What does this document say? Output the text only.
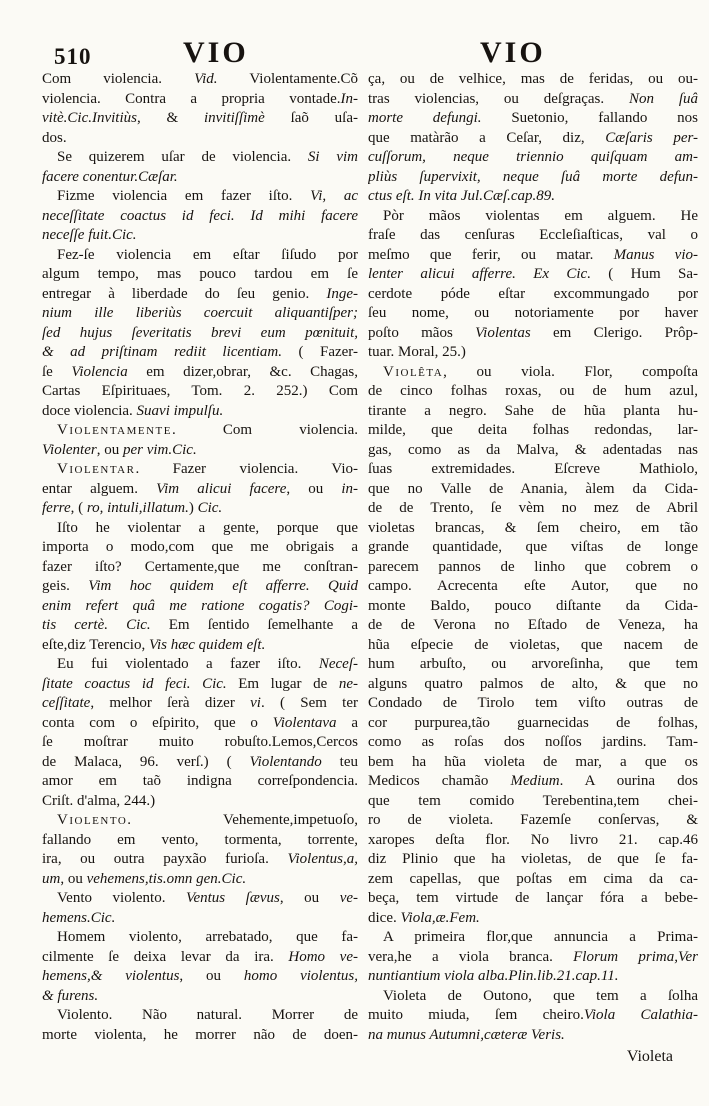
510	VIO	VIO
Com violencia. Vid. Violentamente.Cõ
violencia. Contra a propria vontade.In-
vitè.Cic.Invitiùs, & invitiſſimè ſaõ uſa-
dos.
Se quizerem uſar de violencia. Si vim
facere conentur.Cæſar.
Fizme violencia em fazer iſto. Vi, ac
neceſſitate coactus id feci. Id mihi facere
neceſſe fuit.Cic.
Fez-ſe violencia em eſtar ſiſudo por
algum tempo, mas pouco tardou em ſe
entregar à liberdade do ſeu genio. Inge-
nium ille liberiùs coercuit aliquantiſper;
ſed hujus ſeveritatis brevi eum pœnituit,
& ad priſtinam rediit licentiam. ( Fazer-
ſe Violencia em dizer,obrar, &c. Chagas,
Cartas Eſpirituaes, Tom. 2. 252.) Com
doce violencia. Suavi impulſu.
Violentamente. Com violencia.
Violenter, ou per vim.Cic.
Violentar. Fazer violencia. Vio-
entar alguem. Vim alicui facere, ou in-
ferre, ( ro, intuli,illatum.) Cic.
Iſto he violentar a gente, porque que
importa o modo,com que me obrigais a
fazer iſto? Certamente,que me conſtran-
geis. Vim hoc quidem eſt afferre. Quid
enim refert quâ me ratione cogatis? Cogi-
tis certè. Cic. Em ſentido ſemelhante a
eſte,diz Terencio, Vis hæc quidem eſt.
Eu fui violentado a fazer iſto. Neceſ-
ſitate coactus id feci. Cic. Em lugar de ne-
ceſſitate, melhor ſerà dizer vi. ( Sem ter
conta com o eſpirito, que o Violentava a
ſe moſtrar muito robuſto.Lemos,Cercos
de Malaca, 96. verſ.) ( Violentando teu
amor em taõ indigna correſpondencia.
Criſt. d'alma, 244.)
Violento. Vehemente,impetuoſo,
fallando em vento, tormenta, torrente,
ira, ou outra payxão furioſa. Violentus,a,
um, ou vehemens,tis.omn gen.Cic.
Vento violento. Ventus ſævus, ou ve-
hemens.Cic.
Homem violento, arrebatado, que fa-
cilmente ſe deixa levar da ira. Homo ve-
hemens,& violentus, ou homo violentus,
& furens.
Violento. Não natural. Morrer de
morte violenta, he morrer não de doen-
ça, ou de velhice, mas de feridas, ou ou-
tras violencias, ou deſgraças. Non ſuâ
morte defungi. Suetonio, fallando nos
que matàrão a Ceſar, diz, Cæſaris per-
cuſſorum, neque triennio quiſquam am-
pliùs ſupervixit, neque ſuâ morte defun-
ctus eſt. In vita Jul.Cæſ.cap.89.
Pòr mãos violentas em alguem. He
fraſe das cenſuras Eccleſiaſticas, val o
meſmo que ferir, ou matar. Manus vio-
lenter alicui afferre. Ex Cic. ( Hum Sa-
cerdote póde eſtar excommungado por
ſeu nome, ou notoriamente por haver
poſto mãos Violentas em Clerigo. Prôp-
tuar. Moral, 25.)
Violêta, ou viola. Flor, compoſta
de cinco folhas roxas, ou de hum azul,
tirante a negro. Sahe de hũa planta hu-
milde, que deita folhas redondas, lar-
gas, como as da Malva, & adentadas nas
ſuas extremidades. Eſcreve Mathiolo,
que no Valle de Anania, àlem da Cida-
de de Trento, ſe vèm no mez de Abril
violetas brancas, & ſem cheiro, em tão
grande quantidade, que viſtas de longe
parecem pannos de linho que cobrem o
campo. Acrecenta eſte Autor, que no
monte Baldo, pouco diſtante da Cida-
de de Verona no Eſtado de Veneza, ha
hũa eſpecie de violetas, que nacem de
hum arbuſto, ou arvoreſinha, que tem
alguns quatro palmos de alto, & que no
Condado de Tirolo tem viſto outras de
cor purpurea,tão guarnecidas de folhas,
como as roſas dos noſſos jardins. Tam-
bem ha hũa violeta de mar, a que os
Medicos chamão Medium. A ourina dos
que tem comido Terebentina,tem chei-
ro de violeta. Fazemſe conſervas, &
xaropes deſta flor. No livro 21. cap.46
diz Plinio que ha violetas, de que ſe fa-
zem capellas, que poſtas em cima da ca-
beça, tem virtude de lançar fóra a bebe-
dice. Viola,æ.Fem.
A primeira flor,que annuncia a Prima-
vera,he a viola branca. Florum prima,Ver
nuntiantium viola alba.Plin.lib.21.cap.11.
Violeta de Outono, que tem a ſolha
muito miuda, ſem cheiro.Viola Calathia-
na munus Autumni,cæteræ Veris.
Violeta
